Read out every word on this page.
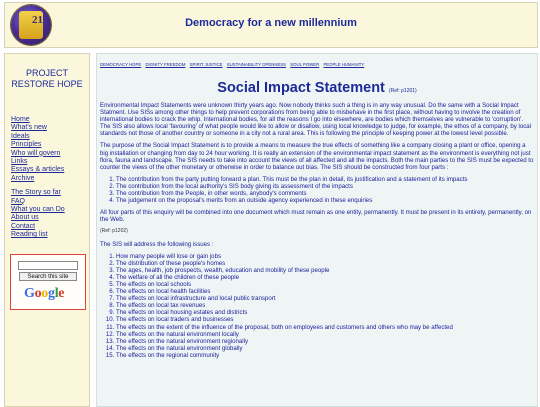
21	Democracy for a new millennium
PROJECT RESTORE HOPE
Home
What's new
Ideals
Principles
Who will govern
Links
Essays & articles
Archive
The Story so far
FAQ
What you can Do
About us
Contact
Reading list
Search this site
Google
DEMOCRACY HOPE DIGNITY FREEDOM SPIRIT JUSTICE SUSTAINABILITY OPENNESS SOUL POWER PEOPLE HUMANITY
Social Impact Statement (Ref: p1201)

Environmental Impact Statements were unknown thirty years ago. Now nobody thinks such a thing is in any way unusual. Do the same with a Social Impact Statment. Use SISs among other things to help prevent corporations from being able to misbehave in the first place, without having to involve the creation of international bodies to crack the whip. International bodies, for all the reasons I go into elsewhere, are bodies which themselves are vulnerable to 'corruption'. The SIS also allows local 'favouring' of what people would like to allow or disallow, using local knowledge to judge, for example, the ethos of a company, by local standards not those of another country or someone in a city not a rural area. This is following the principle of keeping power at the lowest level possible.

The purpose of the Social Impact Statement is to provide a means to measure the true effects of something like a company closing a plant or office, opening a big installation or changing from day to 24 hour working. It is really an extension of the environmental impact statement as the environment is everything not just flora, fauna and landscape. The SIS needs to take into account the views of all affected and all the impacts. Both the main parties to the SIS must be expected to counter the views of the other monetary or otherwise in order to balance out bias. The SIS should be constructed from four parts :

1. The contribution from the party putting forward a plan. This must be the plan in detail, its justification and a statement of its impacts
2. The contribution from the local authority's SIS body giving its assessment of the impacts
3. The contribution from the People, in other words, anybody's comments
4. The judgement on the proposal's merits from an outside agency experienced in these enquiries

All four parts of this enquiry will be combined into one document which must remain as one entity, permanently. It must be present in its entirety, permanently, on the Web.

(Ref: p1202)

The SIS will address the following issues :

1. How many people will lose or gain jobs
2. The distribution of these people's homes
3. The ages, health, job prospects, wealth, education and mobility of these people
4. The welfare of all the children of these people
5. The effects on local schools
6. The effects on local health facilities
7. The effects on local infrastructure and local public transport
8. The effects on local tax revenues
9. The effects on local housing estates and districts
10. The effects on local traders and businesses
11. The effects on the extent of the influence of the proposal, both on employees and customers and others who may be affected
12. The effects on the natural environment locally
13. The effects on the natural environment regionally
14. The effects on the natural environment globally
15. The effects on the regional community
